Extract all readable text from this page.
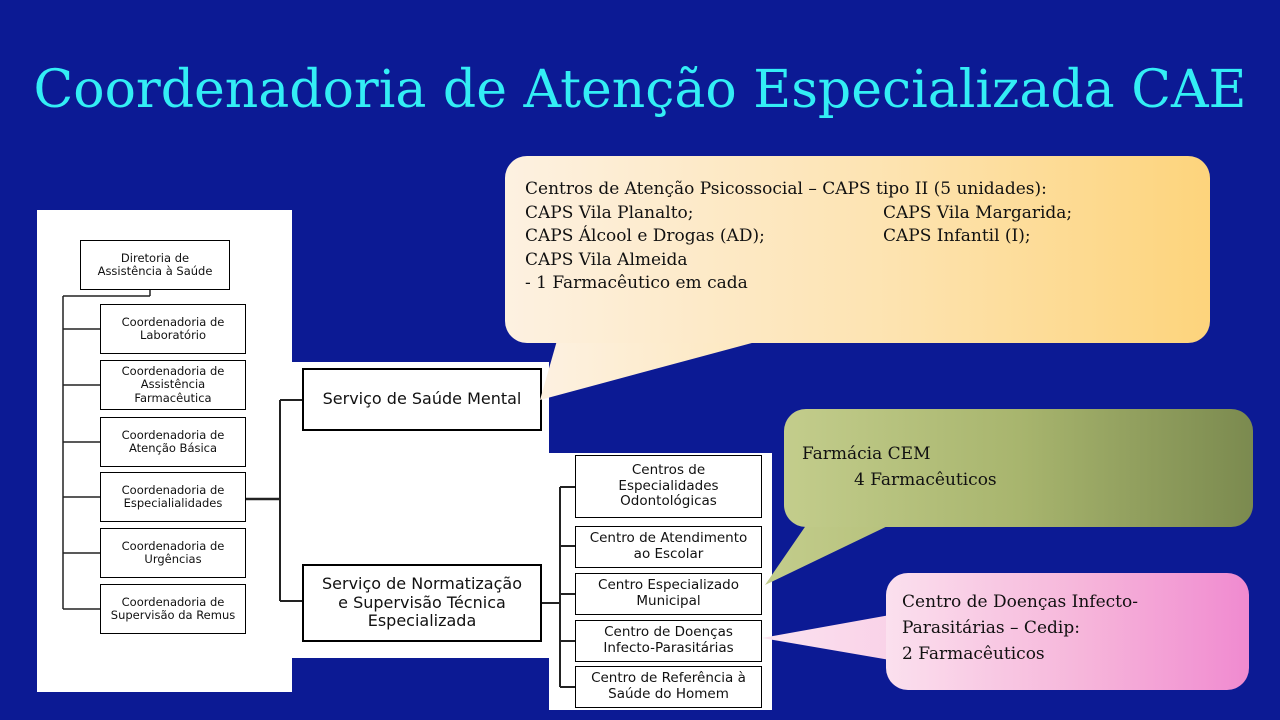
Coordenadoria de Atenção Especializada CAE
Diretoria de
Assistência à Saúde
Coordenadoria de
Laboratório
Coordenadoria de
Assistência
Farmacêutica
Coordenadoria de
Atenção Básica
Coordenadoria de
Especialialidades
Coordenadoria de
Urgências
Coordenadoria de
Supervisão da Remus
Serviço de Saúde Mental
Serviço de Normatização
e Supervisão Técnica
Especializada
Centros de
Especialidades
Odontológicas
Centro de Atendimento
ao Escolar
Centro Especializado
Municipal
Centro de Doenças
Infecto-Parasitárias
Centro de Referência à
Saúde do Homem
Centros de Atenção Psicossocial – CAPS tipo II (5 unidades):
CAPS Vila Planalto;	CAPS Vila Margarida;
CAPS Álcool e Drogas (AD);	CAPS Infantil (I);
CAPS Vila Almeida
- 1 Farmacêutico em cada
Farmácia CEM
4 Farmacêuticos
Centro de Doenças Infecto-
Parasitárias – Cedip:
2 Farmacêuticos
